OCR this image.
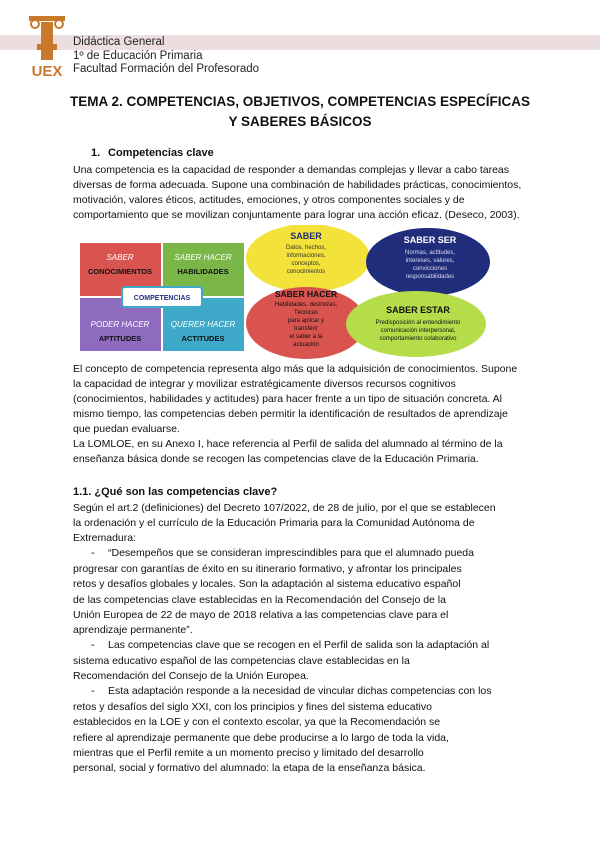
UEX
Didáctica General
1º de Educación Primaria
Facultad Formación del Profesorado
TEMA 2. COMPETENCIAS, OBJETIVOS, COMPETENCIAS ESPECÍFICAS
Y SABERES BÁSICOS
1. Competencias clave
Una competencia es la capacidad de responder a demandas complejas y llevar a cabo tareas
diversas de forma adecuada. Supone una combinación de habilidades prácticas, conocimientos,
motivación, valores éticos, actitudes, emociones, y otros componentes sociales y de
comportamiento que se movilizan conjuntamente para lograr una acción eficaz. (Deseco, 2003).
SABER
CONOCIMIENTOS
SABER HACER
HABILIDADES
PODER HACER
APTITUDES
QUERER HACER
ACTITUDES
COMPETENCIAS
SABER
Datos, hechos,
informaciones,
conceptos,
conocimientos
SABER SER
Normas, actitudes,
intereses, valores,
convicciones
responsabilidades
SABER HACER
Habilidades, destrezas,
Técnicas
para aplicar y
transferir
el saber a la
actuación
SABER ESTAR
Predisposición al entendimiento
comunicación interpersonal,
comportamiento colaborativo
El concepto de competencia representa algo más que la adquisición de conocimientos. Supone
la capacidad de integrar y movilizar estratégicamente diversos recursos cognitivos
(conocimientos, habilidades y actitudes) para hacer frente a un tipo de situación concreta. Al
mismo tiempo, las competencias deben permitir la identificación de resultados de aprendizaje
que puedan evaluarse.
La LOMLOE, en su Anexo I, hace referencia al Perfil de salida del alumnado al término de la
enseñanza básica donde se recogen las competencias clave de la Educación Primaria.
1.1. ¿Qué son las competencias clave?
Según el art.2 (definiciones) del Decreto 107/2022, de 28 de julio, por el que se establecen
la ordenación y el currículo de la Educación Primaria para la Comunidad Autónoma de
Extremadura:
- “Desempeños que se consideran imprescindibles para que el alumnado pueda
progresar con garantías de éxito en su itinerario formativo, y afrontar los principales
retos y desafíos globales y locales. Son la adaptación al sistema educativo español
de las competencias clave establecidas en la Recomendación del Consejo de la
Unión Europea de 22 de mayo de 2018 relativa a las competencias clave para el
aprendizaje permanente”.
- Las competencias clave que se recogen en el Perfil de salida son la adaptación al
sistema educativo español de las competencias clave establecidas en la
Recomendación del Consejo de la Unión Europea.
- Esta adaptación responde a la necesidad de vincular dichas competencias con los
retos y desafíos del siglo XXI, con los principios y fines del sistema educativo
establecidos en la LOE y con el contexto escolar, ya que la Recomendación se
refiere al aprendizaje permanente que debe producirse a lo largo de toda la vida,
mientras que el Perfil remite a un momento preciso y limitado del desarrollo
personal, social y formativo del alumnado: la etapa de la enseñanza básica.
